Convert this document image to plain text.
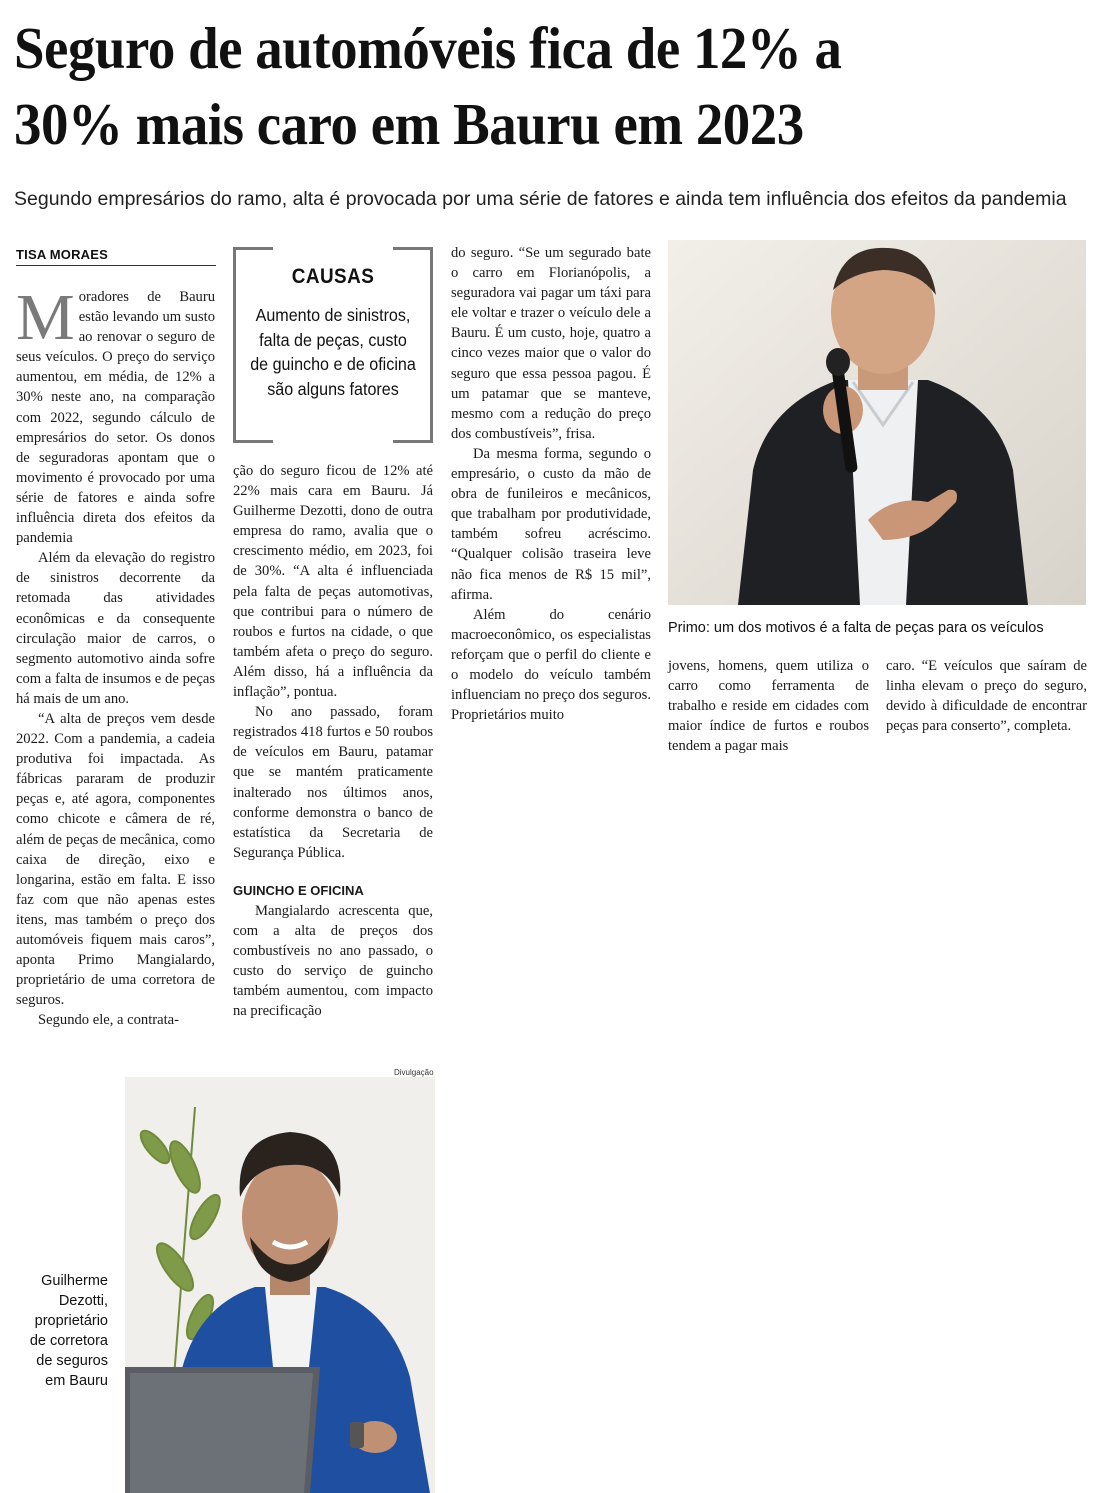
Seguro de automóveis fica de 12% a
30% mais caro em Bauru em 2023
Segundo empresários do ramo, alta é provocada por uma série de fatores e ainda tem influência dos efeitos da pandemia
TISA MORAES

Moradores de Bauru estão levando um susto ao renovar o seguro de seus veículos. O preço do serviço aumentou, em média, de 12% a 30% neste ano, na comparação com 2022, segundo cálculo de empresários do setor. Os donos de seguradoras apontam que o movimento é provocado por uma série de fatores e ainda sofre influência direta dos efeitos da pandemia

Além da elevação do registro de sinistros decorrente da retomada das atividades econômicas e da consequente circulação maior de carros, o segmento automotivo ainda sofre com a falta de insumos e de peças há mais de um ano.

“A alta de preços vem desde 2022. Com a pandemia, a cadeia produtiva foi impactada. As fábricas pararam de produzir peças e, até agora, componentes como chicote e câmera de ré, além de peças de mecânica, como caixa de direção, eixo e longarina, estão em falta. E isso faz com que não apenas estes itens, mas também o preço dos automóveis fiquem mais caros”, aponta Primo Mangialardo, proprietário de uma corretora de seguros.

Segundo ele, a contrata-

CAUSAS
Aumento de sinistros, falta de peças, custo de guincho e de oficina são alguns fatores

ção do seguro ficou de 12% até 22% mais cara em Bauru. Já Guilherme Dezotti, dono de outra empresa do ramo, avalia que o crescimento médio, em 2023, foi de 30%. “A alta é influenciada pela falta de peças automotivas, que contribui para o número de roubos e furtos na cidade, o que também afeta o preço do seguro. Além disso, há a influência da inflação”, pontua.

No ano passado, foram registrados 418 furtos e 50 roubos de veículos em Bauru, patamar que se mantém praticamente inalterado nos últimos anos, conforme demonstra o banco de estatística da Secretaria de Segurança Pública.

GUINCHO E OFICINA

Mangialardo acrescenta que, com a alta de preços dos combustíveis no ano passado, o custo do serviço de guincho também aumentou, com impacto na precificação

do seguro. “Se um segurado bate o carro em Florianópolis, a seguradora vai pagar um táxi para ele voltar e trazer o veículo dele a Bauru. É um custo, hoje, quatro a cinco vezes maior que o valor do seguro que essa pessoa pagou. É um patamar que se manteve, mesmo com a redução do preço dos combustíveis”, frisa.

Da mesma forma, segundo o empresário, o custo da mão de obra de funileiros e mecânicos, que trabalham por produtividade, também sofreu acréscimo. “Qualquer colisão traseira leve não fica menos de R$ 15 mil”, afirma.

Além do cenário macroeconômico, os especialistas reforçam que o perfil do cliente e o modelo do veículo também influenciam no preço dos seguros. Proprietários muito

Primo: um dos motivos é a falta de peças para os veículos

jovens, homens, quem utiliza o carro como ferramenta de trabalho e reside em cidades com maior índice de furtos e roubos tendem a pagar mais

caro. “E veículos que saíram de linha elevam o preço do seguro, devido à dificuldade de encontrar peças para conserto”, completa.

Divulgação
Guilherme Dezotti, proprietário de corretora de seguros em Bauru
